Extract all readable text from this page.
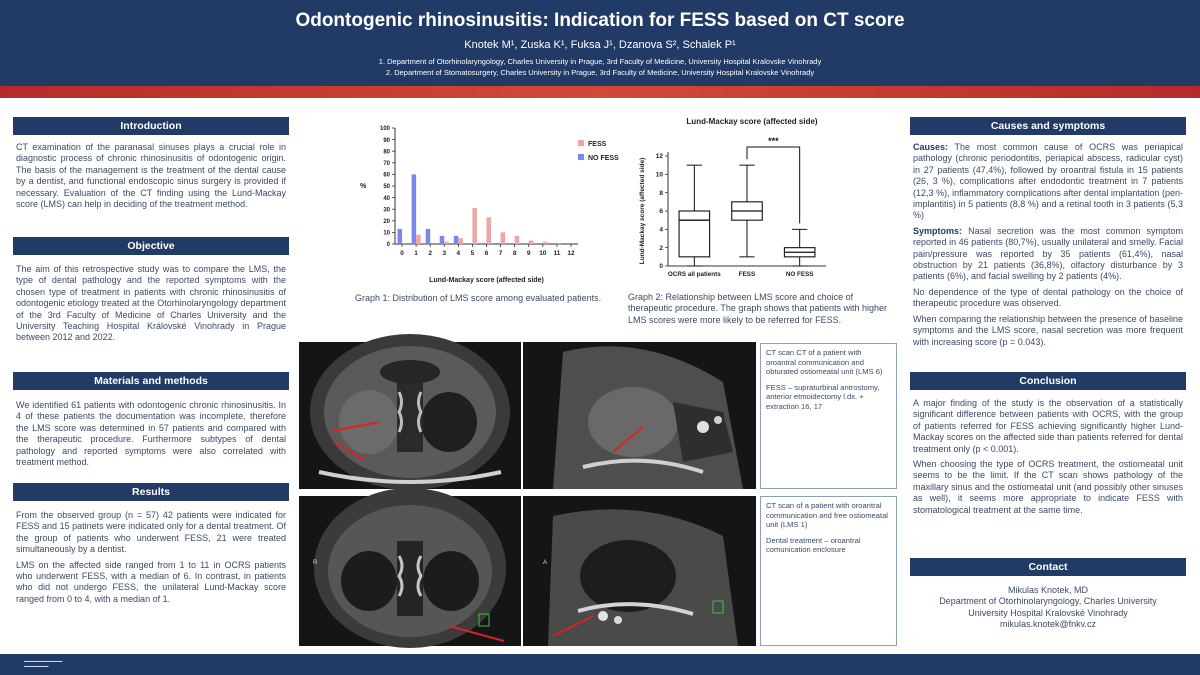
Odontogenic rhinosinusitis: Indication for FESS based on CT score
Knotek M¹, Zuska K¹, Fuksa J¹, Dzanova S², Schalek P¹
1. Department of Otorhinolaryngology, Charles University in Prague, 3rd Faculty of Medicine, University Hospital Kralovske Vinohrady
2. Department of Stomatosurgery, Charles University in Prague, 3rd Faculty of Medicine, University Hospital Kralovske Vinohrady
Introduction
CT examination of the paranasal sinuses plays a crucial role in diagnostic process of chronic rhinosinusitis of odontogenic origin. The basis of the management is the treatment of the dental cause by a dentist, and functional endoscopic sinus surgery is provided if necessary. Evaluation of the CT finding using the Lund-Mackay score (LMS) can help in deciding of the treatment method.
Objective
The aim of this retrospective study was to compare the LMS, the type of dental pathology and the reported symptoms with the chosen type of treatment in patients with chronic rhinosinusitis of odontogenic etiology treated at the Otorhinolaryngology department of the 3rd Faculty of Medicine of Charles University and the University Teaching Hospital Královské Vinohrady in Prague between 2012 and 2022.
Materials and methods
We identified 61 patients with odontogenic chronic rhinosinusitis. In 4 of these patients the documentation was incomplete, therefore the LMS score was determined in 57 patients and compared with the therapeutic procedure. Furthermore subtypes of dental pathology and reported symptoms were also correlated with treatment method.
Results

From the observed group (n = 57) 42 patients were indicated for FESS and 15 patinets were indicated only for a dental treatment. Of the group of patients who underwent FESS, 21 were treated simultaneously by a dentist.

LMS on the affected side ranged from 1 to 11 in OCRS patients who underwent FESS, with a median of 6. In contrast, in patients who did not undergo FESS, the unilateral Lund-Mackay score ranged from 0 to 4, with a median of 1.

0
10
20
30
40
50
60
70
80
90
100
%
0 1 2 3 4 5 6 7 8 9 10 11 12
Lund-Mackay score (affected side)
FESS
NO FESS
Graph 1: Distribution of LMS score among evaluated patients.
Lund-Mackay score (affected side)
0
2
4
6
8
10
12
Lund-Mackay score (affected side)
OCRS all patients	FESS	NO FESS
***
Graph 2: Relationship between LMS score and choice of therapeutic procedure. The graph shows that patients with higher LMS scores were more likely to be referred for FESS.
R	A

CT scan CT of a patient with oroantral communication and obturated ostiomeatal unit (LMS 6)

FESS – supraturbinal antrostomy, anterior etmoidectomy l.dx. + extraction 16, 17

CT scan of a patient with oroantral communication and free ostiomeatal unit (LMS 1)

Dental treatment – oroantral comunication enclosure

Causes and symptoms

Causes: The most common cause of OCRS was periapical pathology (chronic periodontitis, periapical abscess, radicular cyst) in 27 patients (47,4%), followed by oroantral fistula in 15 patients (26, 3 %), complications after endodontic treatment in 7 patients (12,3 %), inflammatory complications after dental implantation (peri-implantitis) in 5 patients (8,8 %) and a retinal tooth in 3 patients (5,3 %)

Symptoms: Nasal secretion was the most common symptom reported in 46 patients (80,7%), usually unilateral and smelly. Facial pain/pressure was reported by 35 patients (61,4%), nasal obstruction by 21 patients (36,8%), olfactory disturbance by 3 patients (6%), and facial swelling by 2 patients (4%).

No dependence of the type of dental pathology on the choice of therapeutic procedure was observed.

When comparing the relationship between the presence of baseline symptoms and the LMS score, nasal secretion was more frequent with increasing score (p = 0.043).

Conclusion

A major finding of the study is the observation of a statistically significant difference between patients with OCRS, with the group of patients referred for FESS achieving significantly higher Lund-Mackay scores on the affected side than patients referred for dental treatment only (p < 0.001).

When choosing the type of OCRS treatment, the ostiomeatal unit seems to be the limit. If the CT scan shows pathology of the maxillary sinus and the ostiomeatal unit (and possibly other sinuses as well), it seems more appropriate to indicate FESS with stomatological treatment at the same time.

Contact
Mikulas Knotek, MD
Department of Otorhinolaryngology, Charles University
University Hospital Kralovské Vinohrady
mikulas.knotek@fnkv.cz
▬▬▬▬▬▬▬▬▬▬▬
▬▬▬▬▬▬▬
